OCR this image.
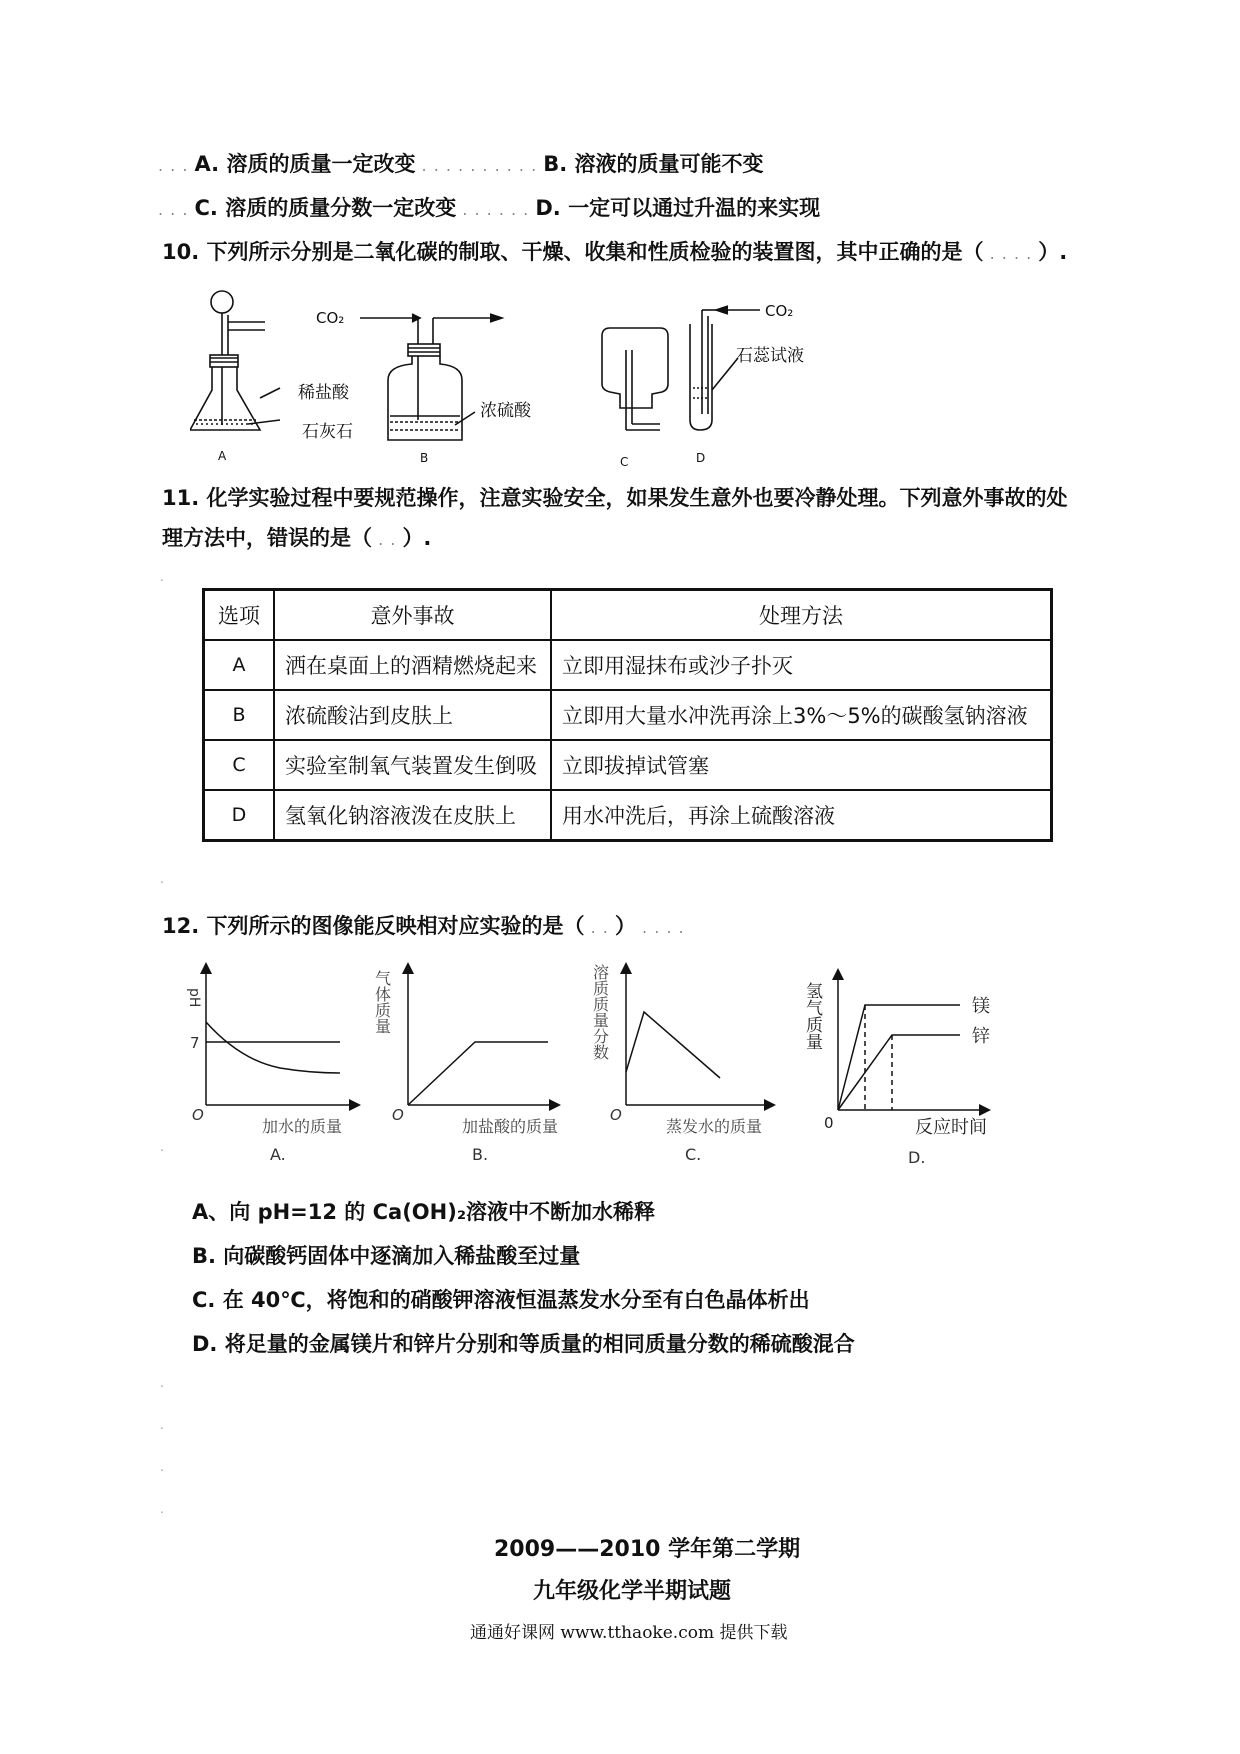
. . . A. 溶质的质量一定改变 . . . . . . . . . . B. 溶液的质量可能不变
. . . C. 溶质的质量分数一定改变 . . . . . . D. 一定可以通过升温的来实现
10. 下列所示分别是二氧化碳的制取、干燥、收集和性质检验的装置图，其中正确的是（ . . . . ）.
稀盐酸
石灰石
A
CO₂
浓硫酸
B	C
CO₂
石蕊试液
D
11. 化学实验过程中要规范操作，注意实验安全，如果发生意外也要冷静处理。下列意外事故的处
理方法中，错误的是（ . . ）.
.
选项	意外事故	处理方法
A	洒在桌面上的酒精燃烧起来	立即用湿抹布或沙子扑灭
B	浓硫酸沾到皮肤上	立即用大量水冲洗再涂上3%～5%的碳酸氢钠溶液
C	实验室制氧气装置发生倒吸	立即拔掉试管塞
D	氢氧化钠溶液泼在皮肤上	用水冲洗后，再涂上硫酸溶液
.
12. 下列所示的图像能反映相对应实验的是（ . . ） . . . .
pH
7
O
加水的质量
A.
气体质量
O
加盐酸的质量
B.
溶质质量分数
O
蒸发水的质量
C.
氢气质量
0	反应时间
D.
镁
锌
.
A、向 pH=12 的 Ca(OH)₂溶液中不断加水稀释
B. 向碳酸钙固体中逐滴加入稀盐酸至过量
C. 在 40℃，将饱和的硝酸钾溶液恒温蒸发水分至有白色晶体析出
D. 将足量的金属镁片和锌片分别和等质量的相同质量分数的稀硫酸混合
.
.
.
.
2009——2010 学年第二学期
九年级化学半期试题
通通好课网 www.tthaoke.com 提供下载
